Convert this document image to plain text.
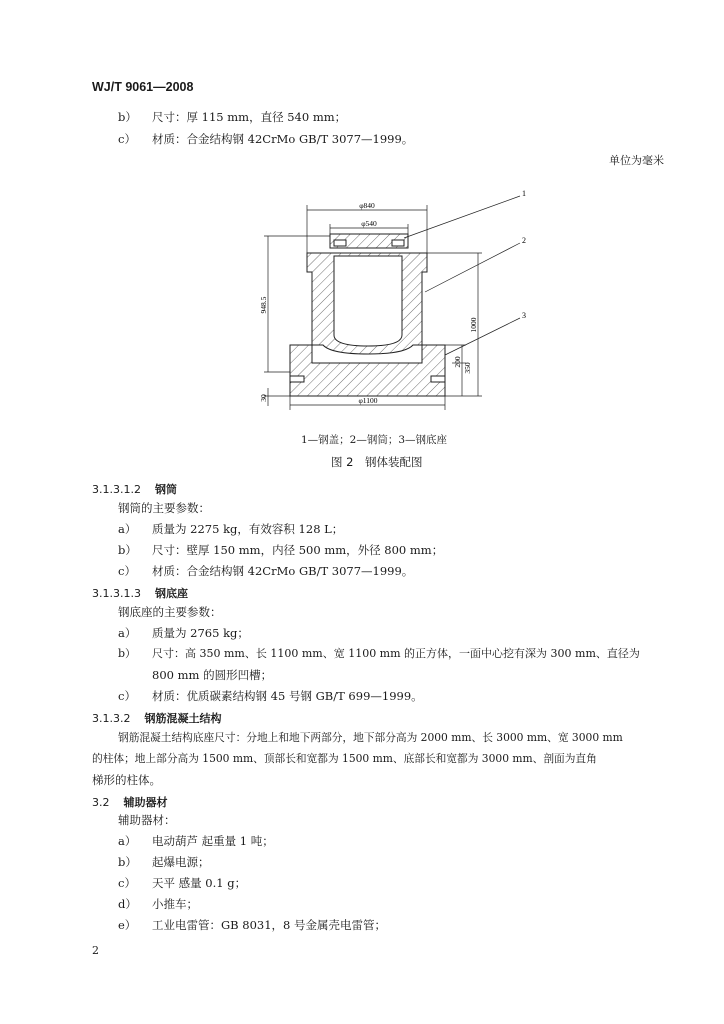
WJ/T 9061—2008
b） 尺寸：厚 115 mm，直径 540 mm；
c） 材质：合金结构钢 42CrMo GB/T 3077—1999。
单位为毫米
φ840
φ540
φ1100
948.5
1000
200
350
30
1
2
3
1—钢盖；2—钢筒；3—钢底座
图 2　钢体装配图
3.1.3.1.2 钢筒
钢筒的主要参数：
a） 质量为 2275 kg，有效容积 128 L；
b） 尺寸：壁厚 150 mm，内径 500 mm，外径 800 mm；
c） 材质：合金结构钢 42CrMo GB/T 3077—1999。
3.1.3.1.3 钢底座
钢底座的主要参数：
a） 质量为 2765 kg；
b） 尺寸：高 350 mm、长 1100 mm、宽 1100 mm 的正方体，一面中心挖有深为 300 mm、直径为
800 mm 的圆形凹槽；
c） 材质：优质碳素结构钢 45 号钢 GB/T 699—1999。
3.1.3.2 钢筋混凝土结构
钢筋混凝土结构底座尺寸：分地上和地下两部分，地下部分高为 2000 mm、长 3000 mm、宽 3000 mm
的柱体；地上部分高为 1500 mm、顶部长和宽都为 1500 mm、底部长和宽都为 3000 mm、剖面为直角
梯形的柱体。
3.2 辅助器材
辅助器材：
a） 电动葫芦 起重量 1 吨；
b） 起爆电源；
c） 天平 感量 0.1 g；
d） 小推车；
e） 工业电雷管：GB 8031，8 号金属壳电雷管；
2
